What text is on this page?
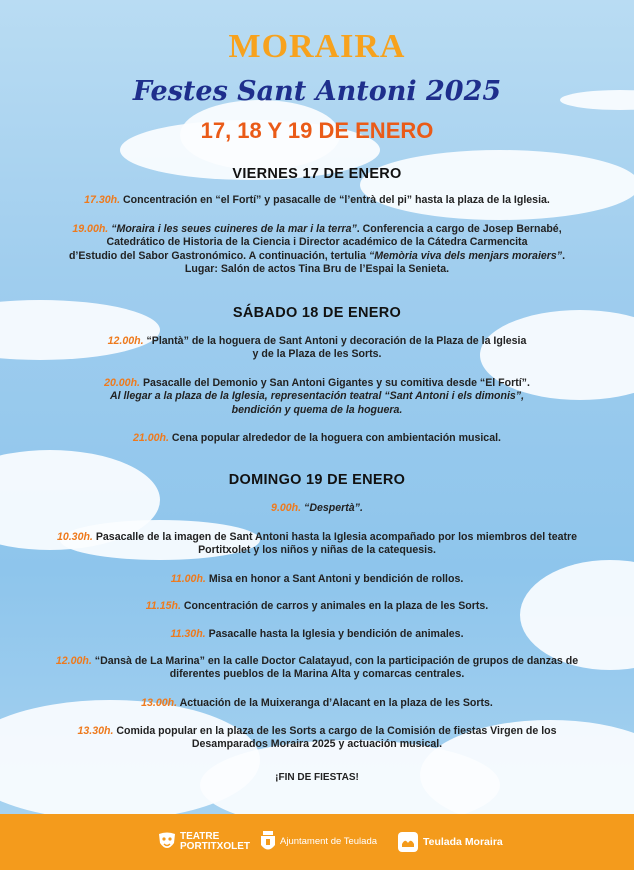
MORAIRA
Festes Sant Antoni 2025
17, 18 Y 19 DE ENERO
VIERNES 17 DE ENERO
17.30h. Concentración en “el Fortí” y pasacalle de “l’entrà del pi” hasta la plaza de la Iglesia.
19.00h. “Moraira i les seues cuineres de la mar i la terra”. Conferencia a cargo de Josep Bernabé,
Catedrático de Historia de la Ciencia i Director académico de la Cátedra Carmencita
d’Estudio del Sabor Gastronómico. A continuación, tertulia “Memòria viva dels menjars moraiers”.
Lugar: Salón de actos Tina Bru de l’Espai la Senieta.
SÁBADO 18 DE ENERO
12.00h. “Plantà” de la hoguera de Sant Antoni y decoración de la Plaza de la Iglesia
y de la Plaza de les Sorts.
20.00h. Pasacalle del Demonio y San Antoni Gigantes y su comitiva desde “El Fortí”.
Al llegar a la plaza de la Iglesia, representación teatral “Sant Antoni i els dimonis”,
bendición y quema de la hoguera.
21.00h. Cena popular alrededor de la hoguera con ambientación musical.
DOMINGO 19 DE ENERO
9.00h. “Despertà”.
10.30h. Pasacalle de la imagen de Sant Antoni hasta la Iglesia acompañado por los miembros del teatre
Portitxolet y los niños y niñas de la catequesis.
11.00h. Misa en honor a Sant Antoni y bendición de rollos.
11.15h. Concentración de carros y animales en la plaza de les Sorts.
11.30h. Pasacalle hasta la Iglesia y bendición de animales.
12.00h. “Dansà de La Marina” en la calle Doctor Calatayud, con la participación de grupos de danzas de
diferentes pueblos de la Marina Alta y comarcas centrales.
13.00h. Actuación de la Muixeranga d’Alacant en la plaza de les Sorts.
13.30h. Comida popular en la plaza de les Sorts a cargo de la Comisión de fiestas Virgen de los
Desamparados Moraira 2025 y actuación musical.
¡FIN DE FIESTAS!
TEATRE
PORTITXOLET	Ajuntament de Teulada	Teulada Moraira
